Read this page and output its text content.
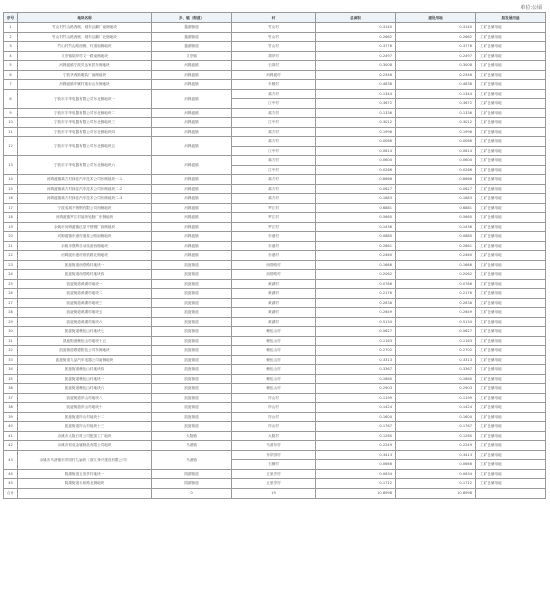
单位:公顷
序号	地块名称	乡、镇（街道）	村	总面积	建设用地	拟发展用途
1	竹山村竹山路西侧、城东汉翻厂南侧地块	慈湖街道	竹山村	0.3140	0.3140	工矿仓储用地
2	竹山村竹山路西侧、城东汉翻厂北侧地块	慈湖街道	竹山村	0.2662	0.2662	工矿仓储用地
3	竹山村竹山路西侧、村道南侧地块	慈湖街道	竹山村	0.3776	0.3776	工矿仓储用地
4	义亭镇胡岸村义一路南侧地块	义亭镇	胡岸村	0.2497	0.2497	工矿仓储用地
5	河姆渡镇宁波贝达家居东侧地块	河姆渡镇	石岗村	0.3008	0.3008	工矿仓储用地
6	宁波华西斯服装厂南侧地块	河姆渡镇	河姆渡村	0.2346	0.2346	工矿仓储用地
7	河姆渡镇车厩村蜜岩山东侧地块	河姆渡镇	车厩村	0.4838	0.4838	工矿仓储用地
8	宁波市宇华电器有限公司东北侧地块一	河姆渡镇	翁方村	0.1344	0.1344	工矿仓储用地
			江中村	0.3672	0.3672	工矿仓储用地
9	宁波市宇华电器有限公司东北侧地块二	河姆渡镇	翁方村	0.1336	0.1336	工矿仓储用地
10	宁波市宇华电器有限公司东北侧地块三	河姆渡镇	江中村	0.3012	0.3012	工矿仓储用地
11	宁波市宇华电器有限公司东北侧地块四	河姆渡镇	翁方村	0.1996	0.1996	工矿仓储用地
12	宁波市宇华电器有限公司东北侧地块五	河姆渡镇	翁方村	0.0066	0.0066	工矿仓储用地
			江中村	0.0614	0.0614	工矿仓储用地
13	宁波市宇华电器有限公司东北侧地块六	河姆渡镇	翁方村	0.0604	0.0604	工矿仓储用地
			江中村	0.0266	0.0266	工矿仓储用地
14	河姆渡镇翁方村绿佳汽车技术公司东侧地块一-1	河姆渡镇	翁方村	0.6666	0.6666	工矿仓储用地
15	河姆渡镇翁方村绿佳汽车技术公司东侧地块二-2	河姆渡镇	翁方村	0.0627	0.0627	工矿仓储用地
16	河姆渡镇翁方村绿佳汽车技术公司东侧地块二-3	河姆渡镇	翁方村	0.1683	0.1683	工矿仓储用地
17	宁波成城不锈钢有限公司西侧地块	河姆渡镇	罗江村	0.6881	0.6881	工矿仓储用地
18	河姆渡镇罗江村福荣轮胎厂东侧地块	河姆渡镇	罗江村	0.5660	0.5660	工矿仓储用地
19	余姚市河姆渡镇红星不锈钢厂西侧地块	河姆渡镇	罗江村	0.1436	0.1436	工矿仓储用地
20	河姆渡镇东港村港星公路南侧地块	河姆渡镇	东港村	0.0880	0.0880	工矿仓储用地
21	余姚市强辉自动设备西侧地块	河姆渡镇	东港村	0.2861	0.2861	工矿仓储用地
22	河姆渡东港村纸机路北侧地块	河姆渡镇	东港村	0.2460	0.2460	工矿仓储用地
23	凯旋街道西塔路村地块一	凯旋街道	西塔路村	0.1666	0.1666	工矿仓储用地
24	凯旋街道西塔路村地块四	凯旋街道	西塔路村	0.2062	0.2062	工矿仓储用地
25	凯旋街道黄湖村地块一	凯旋街道	黄湖村	0.0766	0.0766	工矿仓储用地
26	凯旋街道黄湖村地块二	凯旋街道	黄湖村	0.2176	0.2176	工矿仓储用地
27	凯旋街道黄湖村地块三	凯旋街道	黄湖村	0.2638	0.2638	工矿仓储用地
28	凯旋街道黄湖村地块五	凯旋街道	黄湖村	0.2649	0.2649	工矿仓储用地
29	凯旋街道黄湖村地块六	凯旋街道	黄湖村	0.5134	0.5134	工矿仓储用地
30	凯旋街道赖伍山村地块七	凯旋街道	赖伍山村	0.5627	0.5627	工矿仓储用地
31	凯旋街道赖伍山村地块十五	凯旋街道	赖伍山村	0.1163	0.1163	工矿仓储用地
32	凯旋街道歌德阳伍公司东侧地块	凯旋街道	赖伍山村	0.2702	0.2702	工矿仓储用地
33	凯旋街道九品汽车电器公司南侧地块	凯旋街道	赖伍山村	0.3313	0.3313	工矿仓储用地
34	凯旋街道赖伍山村地块四	凯旋街道	赖伍山村	0.3367	0.3367	工矿仓储用地
35	凯旋街道赖伍山村地块一	凯旋街道	赖伍山村	0.1860	0.1860	工矿仓储用地
36	凯旋街道赖伍山村地块六	凯旋街道	赖伍山村	0.2903	0.2903	工矿仓储用地
37	凯旋街道岸山村地块八	凯旋街道	岸山村	0.1199	0.1199	工矿仓储用地
38	凯旋街道岸山村地块十	凯旋街道	岸山村	0.1424	0.1424	工矿仓储用地
39	凯旋街道岸山村地块十二	凯旋街道	岸山村	0.1604	0.1604	工矿仓储用地
40	凯旋街道岸山村地块十三	凯旋街道	岸山村	0.1767	0.1767	工矿仓储用地
41	余姚市大隐石材公司配加工厂地块	大隐镇	大隐村	0.1260	0.1260	工矿仓储用地
42	余姚市恒成金属制品有限公司地块	马渚镇	马渚东村	0.2249	0.2249	工矿仓储用地
43	余姚市马渚镇东岸园村九扁块（浙江舜兴建设有限公司）	马渚镇	东岸园村	0.3413	0.3413	工矿仓储用地
			石横村	0.0666	0.0666	工矿仓储用地
44	阴湖街道五里亭村地块一	阴湖街道	五里亭村	0.0634	0.0634	工矿仓储用地
45	阴湖街道永和路北侧地块	阴湖街道	五里亭村	0.1712	0.1712	工矿仓储用地
合计		0	19	10.8998	10.8998	
